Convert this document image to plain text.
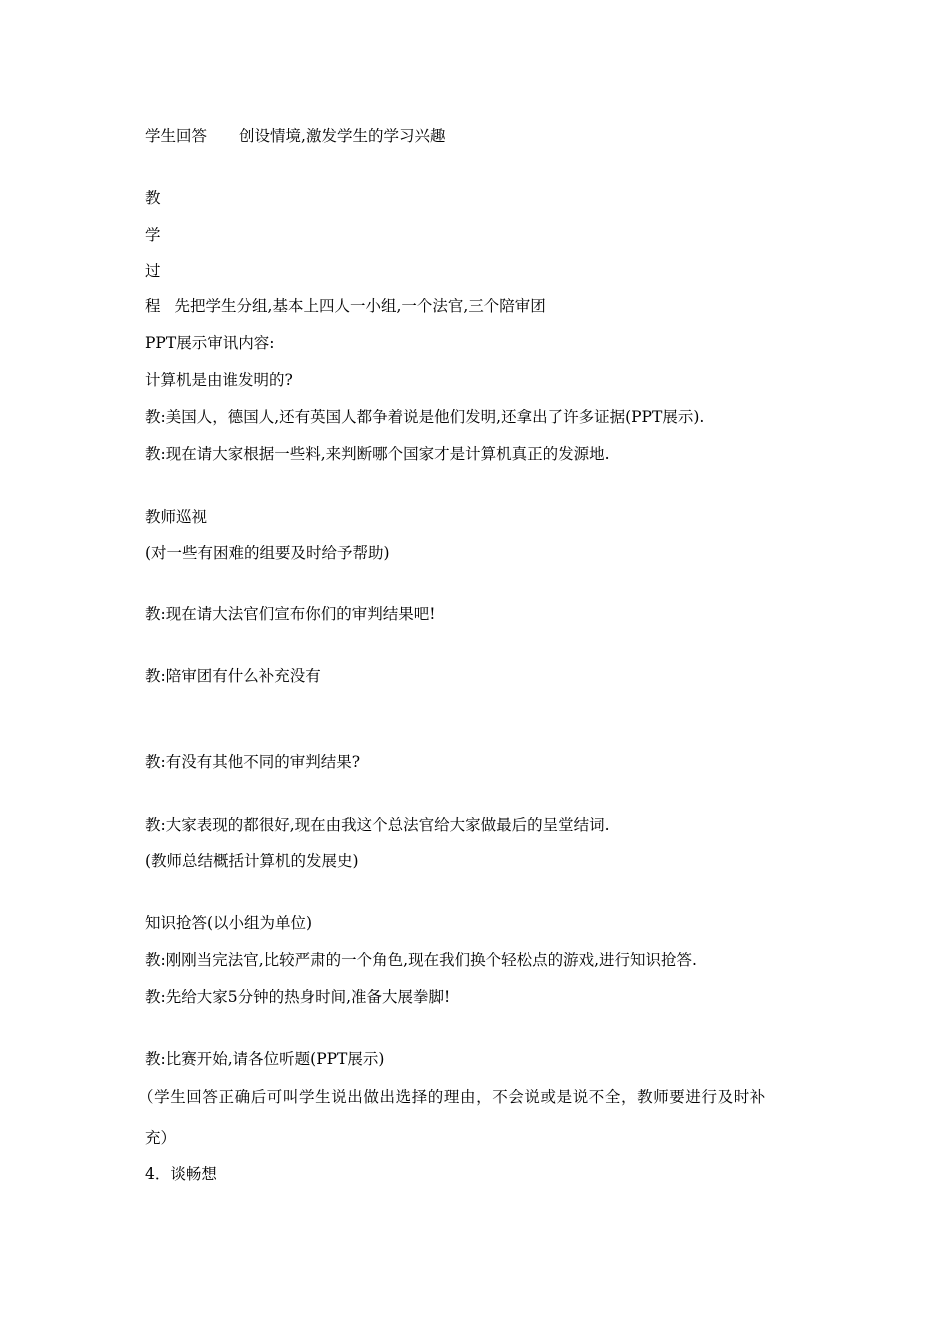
学生回答 创设情境,激发学生的学习兴趣
教
学
过
程 先把学生分组,基本上四人一小组,一个法官,三个陪审团
PPT展示审讯内容:
计算机是由谁发明的?
教:美国人，德国人,还有英国人都争着说是他们发明,还拿出了许多证据(PPT展示).
教:现在请大家根据一些料,来判断哪个国家才是计算机真正的发源地.
教师巡视
(对一些有困难的组要及时给予帮助)
教:现在请大法官们宣布你们的审判结果吧!
教:陪审团有什么补充没有
教:有没有其他不同的审判结果?
教:大家表现的都很好,现在由我这个总法官给大家做最后的呈堂结词.
(教师总结概括计算机的发展史)
知识抢答(以小组为单位)
教:刚刚当完法官,比较严肃的一个角色,现在我们换个轻松点的游戏,进行知识抢答.
教:先给大家5分钟的热身时间,准备大展拳脚!
教:比赛开始,请各位听题(PPT展示)
（学生回答正确后可叫学生说出做出选择的理由，不会说或是说不全，教师要进行及时补
充）
4．谈畅想
